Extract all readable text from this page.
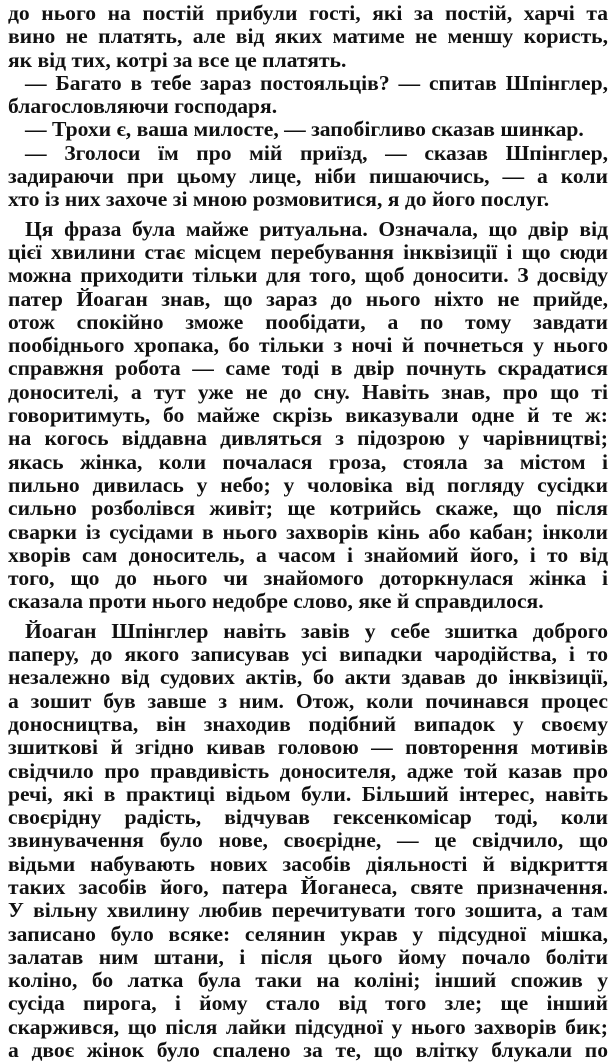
до нього на постій прибули гості, які за постій, харчі та
вино не платять, але від яких матиме не меншу користь,
як від тих, котрі за все це платять.
— Багато в тебе зараз постояльців? — спитав Шпінглер,
благословляючи господаря.
— Трохи є, ваша милосте, — запобігливо сказав шинкар.
— Зголоси їм про мій приїзд, — сказав Шпінглер,
задираючи при цьому лице, ніби пишаючись, — а коли
хто із них захоче зі мною розмовитися, я до його послуг.
Ця фраза була майже ритуальна. Означала, що двір від
цієї хвилини стає місцем перебування інквізиції і що сюди
можна приходити тільки для того, щоб доносити. З досвіду
патер Йоаган знав, що зараз до нього ніхто не прийде,
отож спокійно зможе пообідати, а по тому завдати
пообіднього хропака, бо тільки з ночі й почнеться у нього
справжня робота — саме тоді в двір почнуть скрадатися
доносителі, а тут уже не до сну. Навіть знав, про що ті
говоритимуть, бо майже скрізь виказували одне й те ж:
на когось віддавна дивляться з підозрою у чарівництві;
якась жінка, коли почалася гроза, стояла за містом і
пильно дивилась у небо; у чоловіка від погляду сусідки
сильно розболівся живіт; ще котрийсь скаже, що після
сварки із сусідами в нього захворів кінь або кабан; інколи
хворів сам доноситель, а часом і знайомий його, і то від
того, що до нього чи знайомого доторкнулася жінка і
сказала проти нього недобре слово, яке й справдилося.
Йоаган Шпінглер навіть завів у себе зшитка доброго
паперу, до якого записував усі випадки чародійства, і то
незалежно від судових актів, бо акти здавав до інквізиції,
а зошит був завше з ним. Отож, коли починався процес
доносництва, він знаходив подібний випадок у своєму
зшиткові й згідно кивав головою — повторення мотивів
свідчило про правдивість доносителя, адже той казав про
речі, які в практиці відьом були. Більший інтерес, навіть
своєрідну радість, відчував гексенкомісар тоді, коли
звинувачення було нове, своєрідне, — це свідчило, що
відьми набувають нових засобів діяльності й відкриття
таких засобів його, патера Йоганеса, святе призначення.
У вільну хвилину любив перечитувати того зошита, а там
записано було всяке: селянин украв у підсудної мішка,
залатав ним штани, і після цього йому почало боліти
коліно, бо латка була таки на коліні; інший спожив у
сусіда пирога, і йому стало від того зле; ще інший
скаржився, що після лайки підсудної у нього захворів бик;
а двоє жінок було спалено за те, що влітку блукали по
